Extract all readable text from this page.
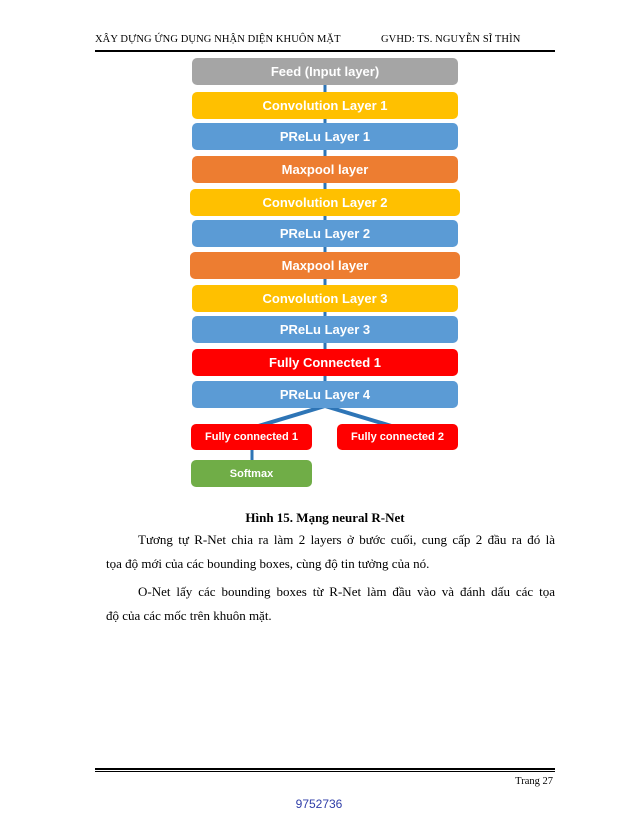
XÂY DỰNG ỨNG DỤNG NHẬN DIỆN KHUÔN MẶT	GVHD: TS. NGUYỄN SĨ THÌN
Feed (Input layer)
Convolution Layer 1
PReLu Layer 1
Maxpool layer
Convolution Layer 2
PReLu Layer 2
Maxpool layer
Convolution Layer 3
PReLu Layer 3
Fully Connected 1
PReLu Layer 4
Fully connected 1	Fully connected 2
Softmax
Hình 15. Mạng neural R-Net
Tương tự R-Net chia ra làm 2 layers ở bước cuối, cung cấp 2 đầu ra đó là
tọa độ mới của các bounding boxes, cùng độ tin tưởng của nó.
O-Net lấy các bounding boxes từ R-Net làm đầu vào và đánh dấu các tọa
độ của các mốc trên khuôn mặt.
Trang 27
9752736
